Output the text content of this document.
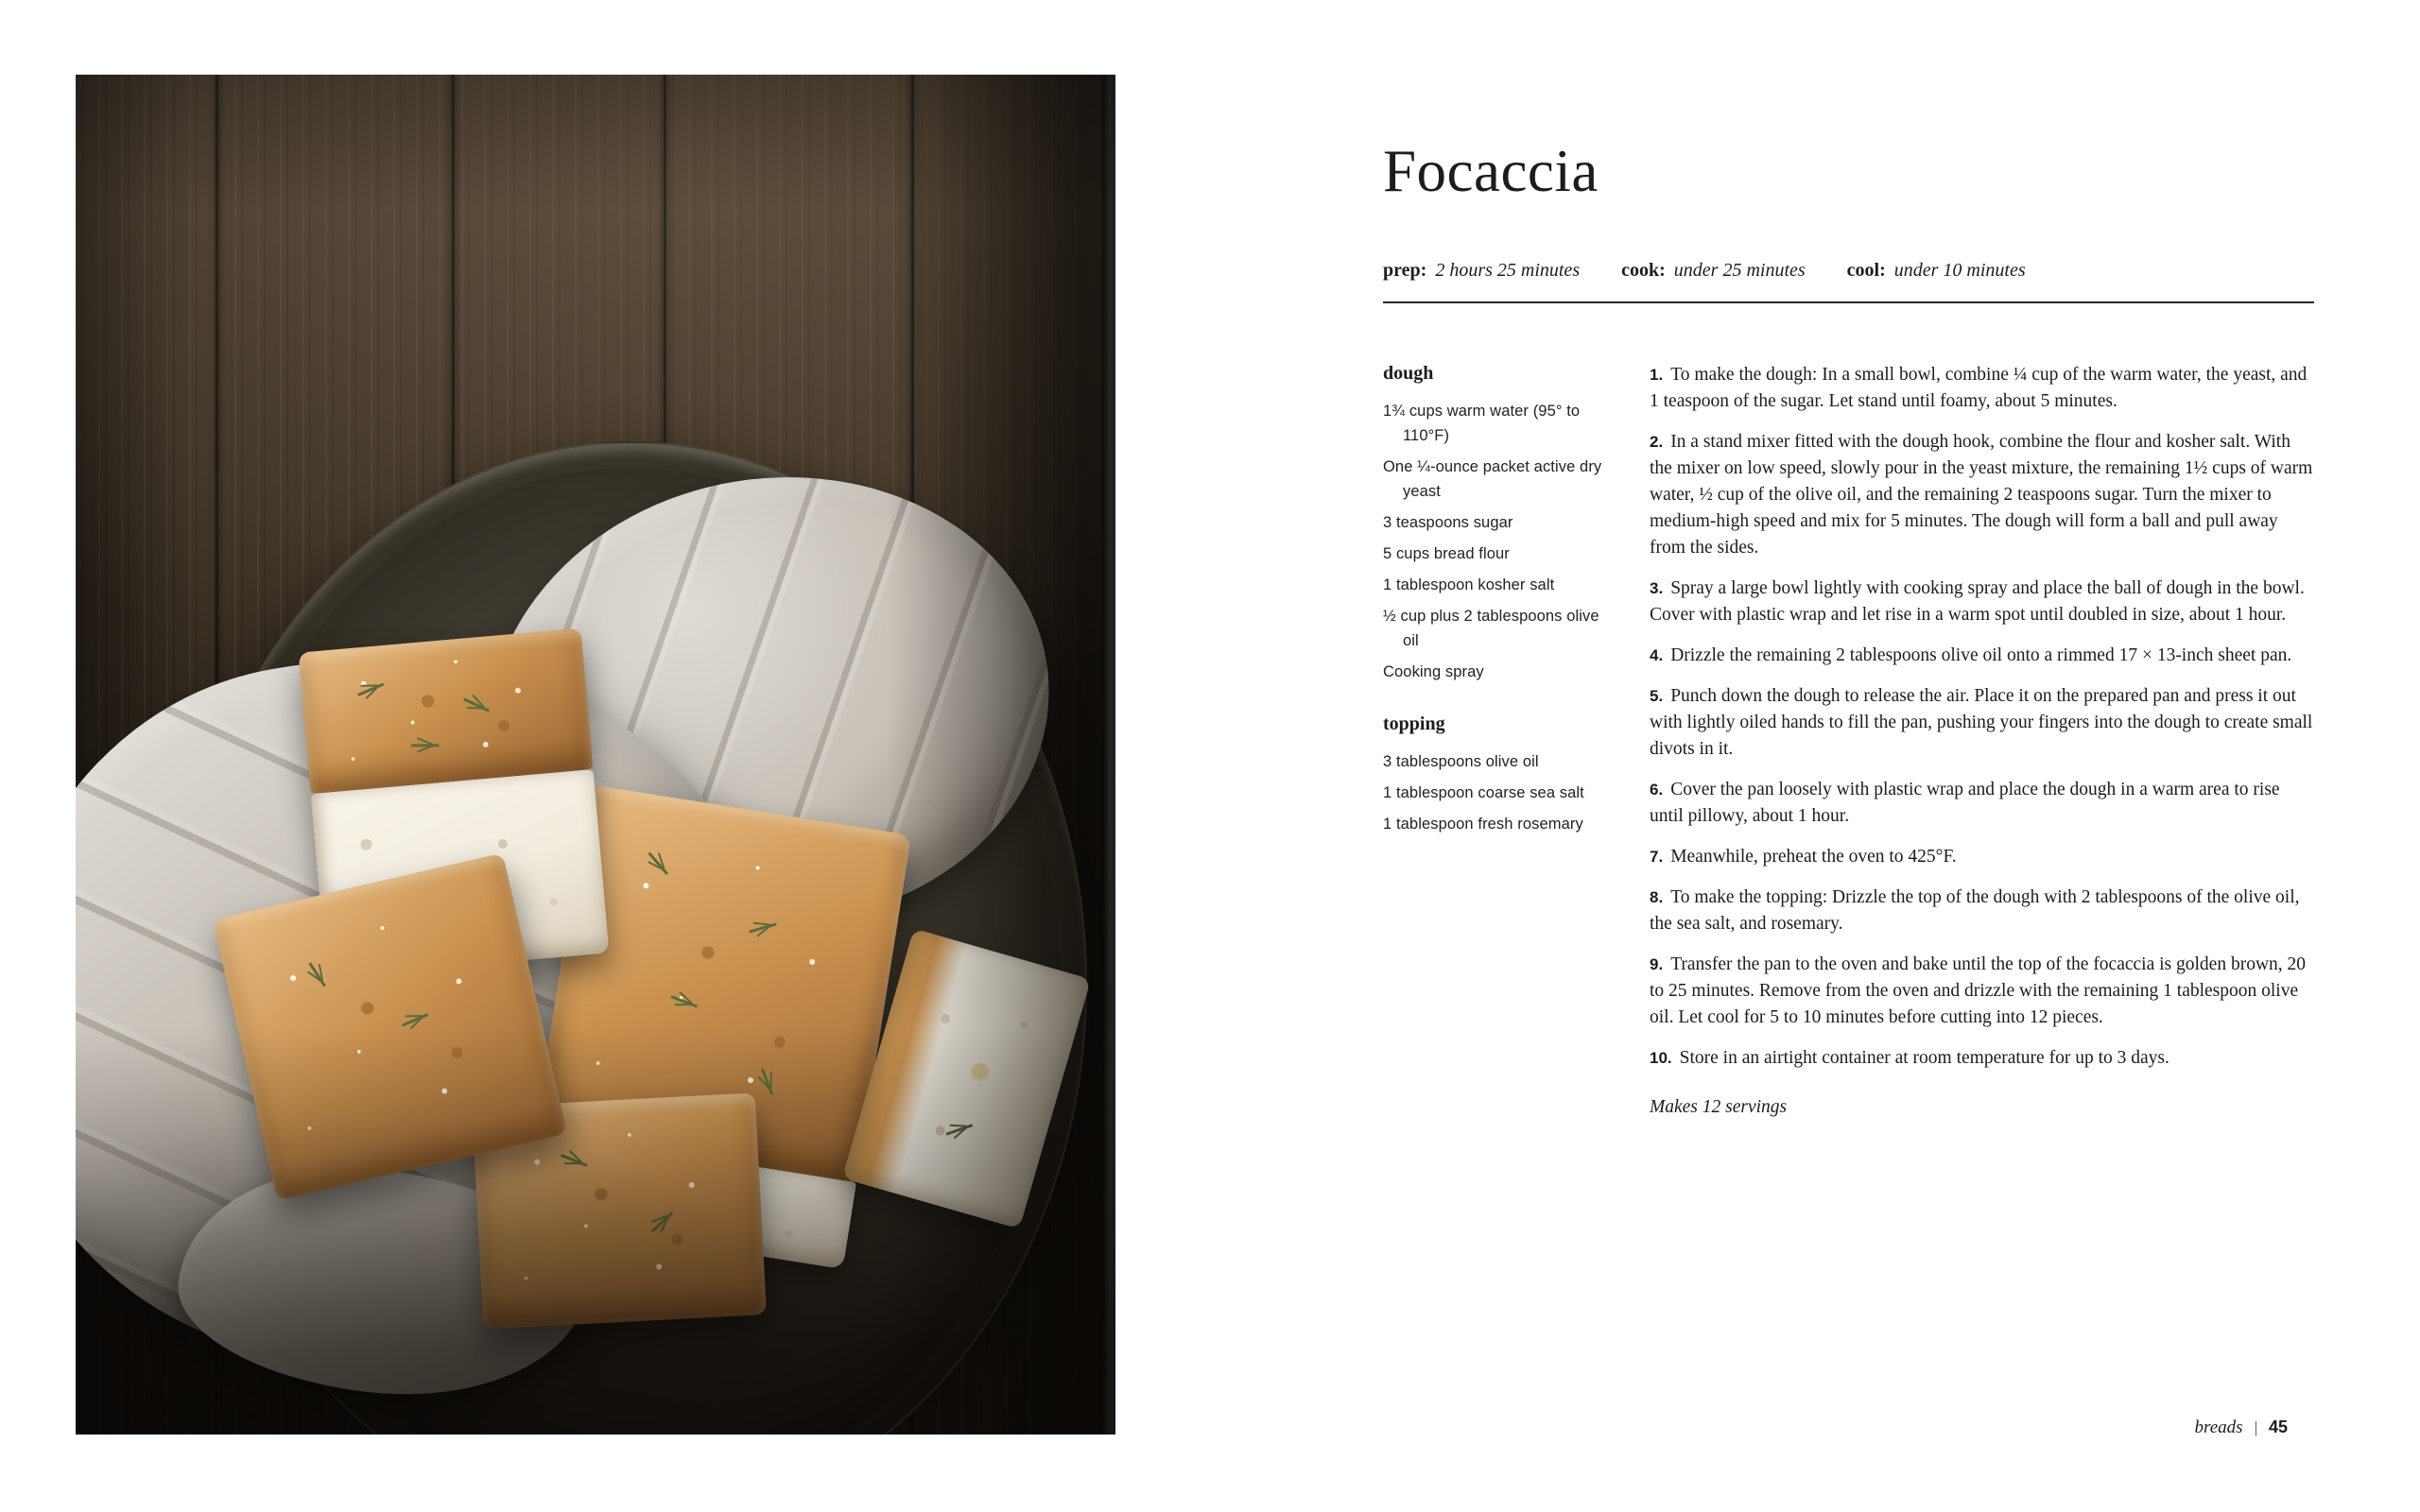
Focaccia
prep: 2 hours 25 minutes cook: under 25 minutes cool: under 10 minutes
dough

1¾ cups warm water (95° to 110°F)

One ¼-ounce packet active dry yeast

3 teaspoons sugar

5 cups bread flour

1 tablespoon kosher salt

½ cup plus 2 tablespoons olive oil

Cooking spray

topping

3 tablespoons olive oil

1 tablespoon coarse sea salt

1 tablespoon fresh rosemary

1. To make the dough: In a small bowl, combine ¼ cup of the warm water, the yeast, and 1 teaspoon of the sugar. Let stand until foamy, about 5 minutes.

2. In a stand mixer fitted with the dough hook, combine the flour and kosher salt. With the mixer on low speed, slowly pour in the yeast mixture, the remaining 1½ cups of warm water, ½ cup of the olive oil, and the remaining 2 teaspoons sugar. Turn the mixer to medium-high speed and mix for 5 minutes. The dough will form a ball and pull away from the sides.

3. Spray a large bowl lightly with cooking spray and place the ball of dough in the bowl. Cover with plastic wrap and let rise in a warm spot until doubled in size, about 1 hour.

4. Drizzle the remaining 2 tablespoons olive oil onto a rimmed 17 × 13-inch sheet pan.

5. Punch down the dough to release the air. Place it on the prepared pan and press it out with lightly oiled hands to fill the pan, pushing your fingers into the dough to create small divots in it.

6. Cover the pan loosely with plastic wrap and place the dough in a warm area to rise until pillowy, about 1 hour.

7. Meanwhile, preheat the oven to 425°F.

8. To make the topping: Drizzle the top of the dough with 2 tablespoons of the olive oil, the sea salt, and rosemary.

9. Transfer the pan to the oven and bake until the top of the focaccia is golden brown, 20 to 25 minutes. Remove from the oven and drizzle with the remaining 1 tablespoon olive oil. Let cool for 5 to 10 minutes before cutting into 12 pieces.

10. Store in an airtight container at room temperature for up to 3 days.

Makes 12 servings

breads | 45
